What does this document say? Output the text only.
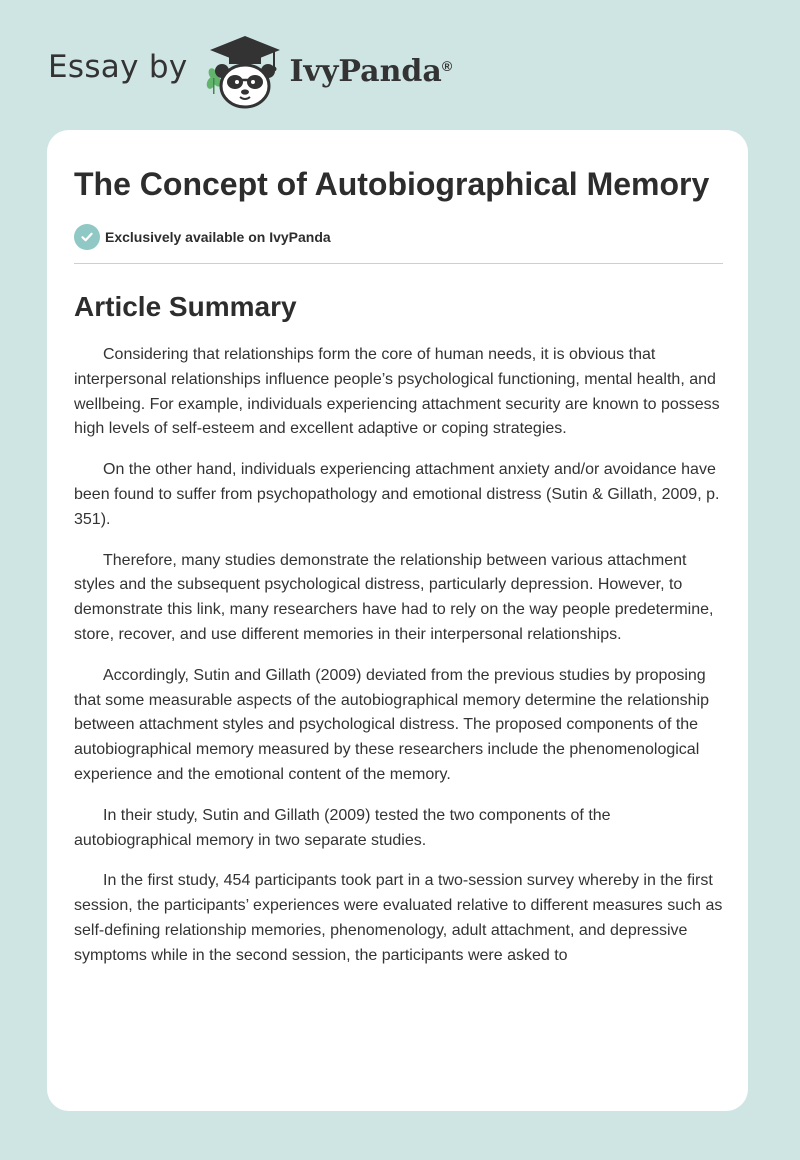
Essay by	IvyPanda®
The Concept of Autobiographical Memory
Exclusively available on IvyPanda
Article Summary

Considering that relationships form the core of human needs, it is obvious that interpersonal relationships influence people’s psychological functioning, mental health, and wellbeing. For example, individuals experiencing attachment security are known to possess high levels of self-esteem and excellent adaptive or coping strategies.

On the other hand, individuals experiencing attachment anxiety and/or avoidance have been found to suffer from psychopathology and emotional distress (Sutin & Gillath, 2009, p. 351).

Therefore, many studies demonstrate the relationship between various attachment styles and the subsequent psychological distress, particularly depression. However, to demonstrate this link, many researchers have had to rely on the way people predetermine, store, recover, and use different memories in their interpersonal relationships.

Accordingly, Sutin and Gillath (2009) deviated from the previous studies by proposing that some measurable aspects of the autobiographical memory determine the relationship between attachment styles and psychological distress. The proposed components of the autobiographical memory measured by these researchers include the phenomenological experience and the emotional content of the memory.

In their study, Sutin and Gillath (2009) tested the two components of the autobiographical memory in two separate studies.

In the first study, 454 participants took part in a two-session survey whereby in the first session, the participants’ experiences were evaluated relative to different measures such as self-defining relationship memories, phenomenology, adult attachment, and depressive symptoms while in the second session, the participants were asked to
